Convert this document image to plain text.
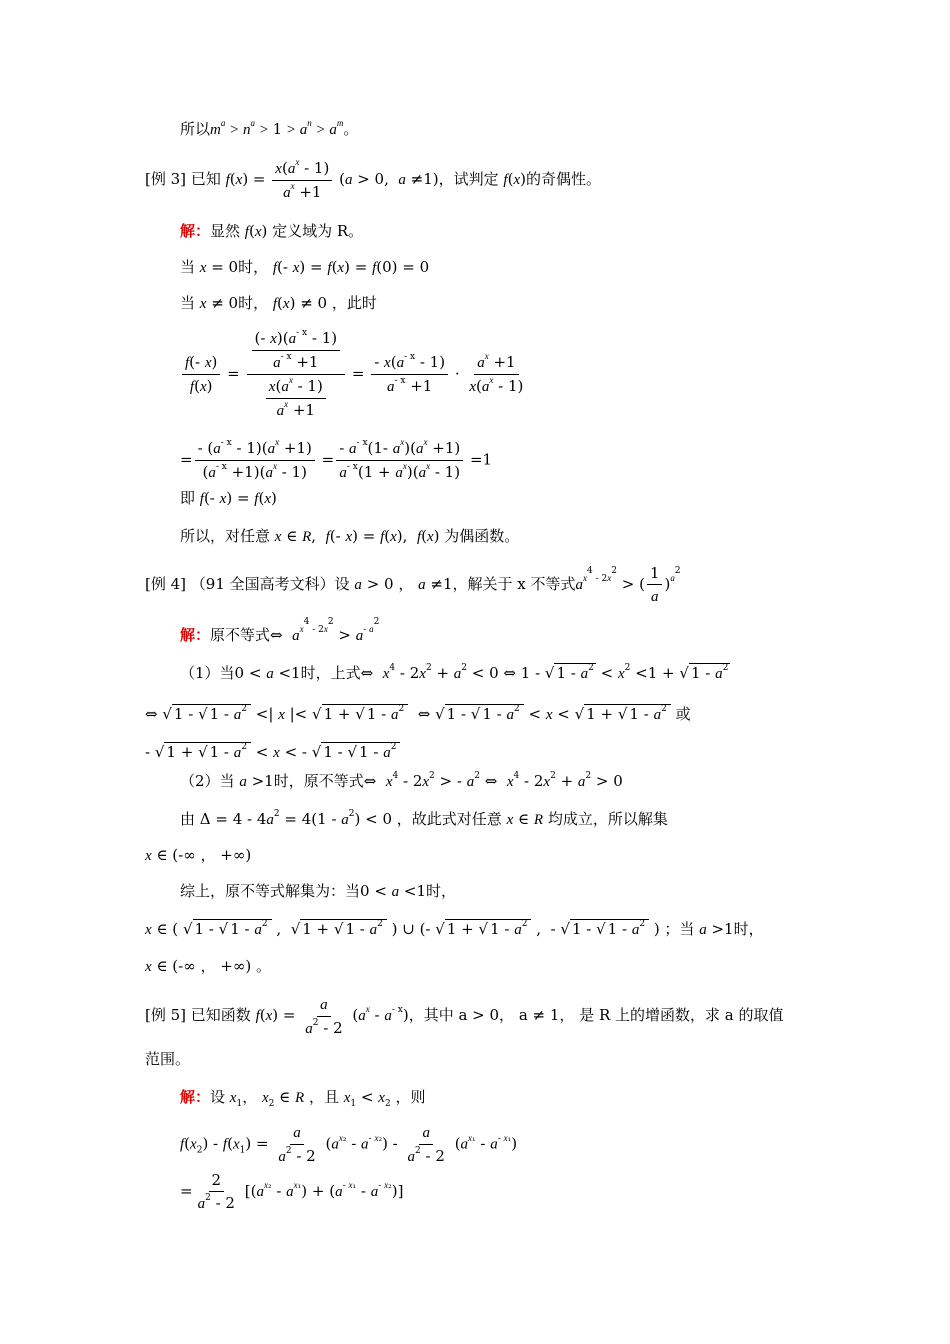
所以$m^a > n^a > 1 > a^n > a^m$。
[例 3] 已知 $f(x) = \frac{x(a^x - 1)}{a^x +1} (a > 0$,  a ≠1)，试判定 f(x)的奇偶性。
解：显然 f(x) 定义域为 R。
当 x = 0时， f(- x) = f(x) = f(0) = 0
当 x ≠ 0时， f(x) ≠ 0 ，此时
$\frac{f(- x)}{f(x)} = \frac{\frac{(- x)(a^{- x} - 1)}{a^{- x} +1}}{\frac{x(a^x - 1)}{a^x +1}} = \frac{- x(a^{- x} - 1)}{a^{- x} +1} \cdot \frac{a^x +1}{x(a^x - 1)}$
= $\frac{- (a^{- x} - 1)(a^x +1)}{(a^{- x} +1)(a^x - 1)} = \frac{- a^{- x}(1- a^x)(a^x +1)}{a^{- x}(1 + a^x)(a^x - 1)} =1$
即 f(- x) = f(x)
所以，对任意 x ∈ R,  f(- x) = f(x),  f(x) 为偶函数。
[例 4] （91 全国高考文科）设 a > 0 ， a ≠1，解关于 x 不等式$a^{x^4 - 2x^2}$ > ( $\frac{1}{a} )^{a^2}$
解：原不等式⇔  $a^{x^4 - 2x^2} > a^{- a^2}$
（1）当0 < a <1时，上式⇔  $x^4 - 2x^2 + a^2 < 0$ ⇔ 1 - √ $1 - a^2 < x^2 <1$ + √ $1 - a^2$
⇔ √ 1 - √ $1 - a^2$ <| x |< √ 1 + √ $1 - a^2$  ⇔ √ 1 - √ $1 - a^2 < x$ < √ 1 + √ $1 - a^2$ 或
- √ 1 + √ $1 - a^2 < x$ < - √ 1 - √ $1 - a^2$
（2）当 a >1时，原不等式⇔  $x^4 - 2x^2$ > - $a^2$ ⇔  $x^4 - 2x^2 + a^2 > 0$
由 $\Delta = 4 - 4a^2 = 4(1 - a^2) < 0$ ，故此式对任意 x ∈ R 均成立，所以解集
x ∈ (-∞ ， +∞)
综上，原不等式解集为：当0 < a <1时，
x ∈ ( √ 1 - √ $1 - a^2$ ,  √ 1 + √ $1 - a^2$ ) ∪ (- √ 1 + √ $1 - a^2$ ,  - √ 1 - √ $1 - a^2$ ) ；当 a >1时，
x ∈ (-∞ ， +∞) 。
[例 5] 已知函数 $f(x) = \frac{a}{a^2 - 2} (a^x - a^{- x})$，其中 a > 0， a ≠ 1， 是 R 上的增函数，求 a 的取值
范围。
解：设 $x_1$， $x_2$ ∈ R ，且 $x_1 < x_2$ ，则
$f(x_2) - f(x_1) = \frac{a}{a^2 - 2} (a^{x_2} - a^{- x_2}) - \frac{a}{a^2 - 2} (a^{x_1} - a^{- x_1})$
= $\frac{2}{a^2 - 2} [(a^{x_2} - a^{x_1}) + (a^{- x_1} - a^{- x_2})]$
